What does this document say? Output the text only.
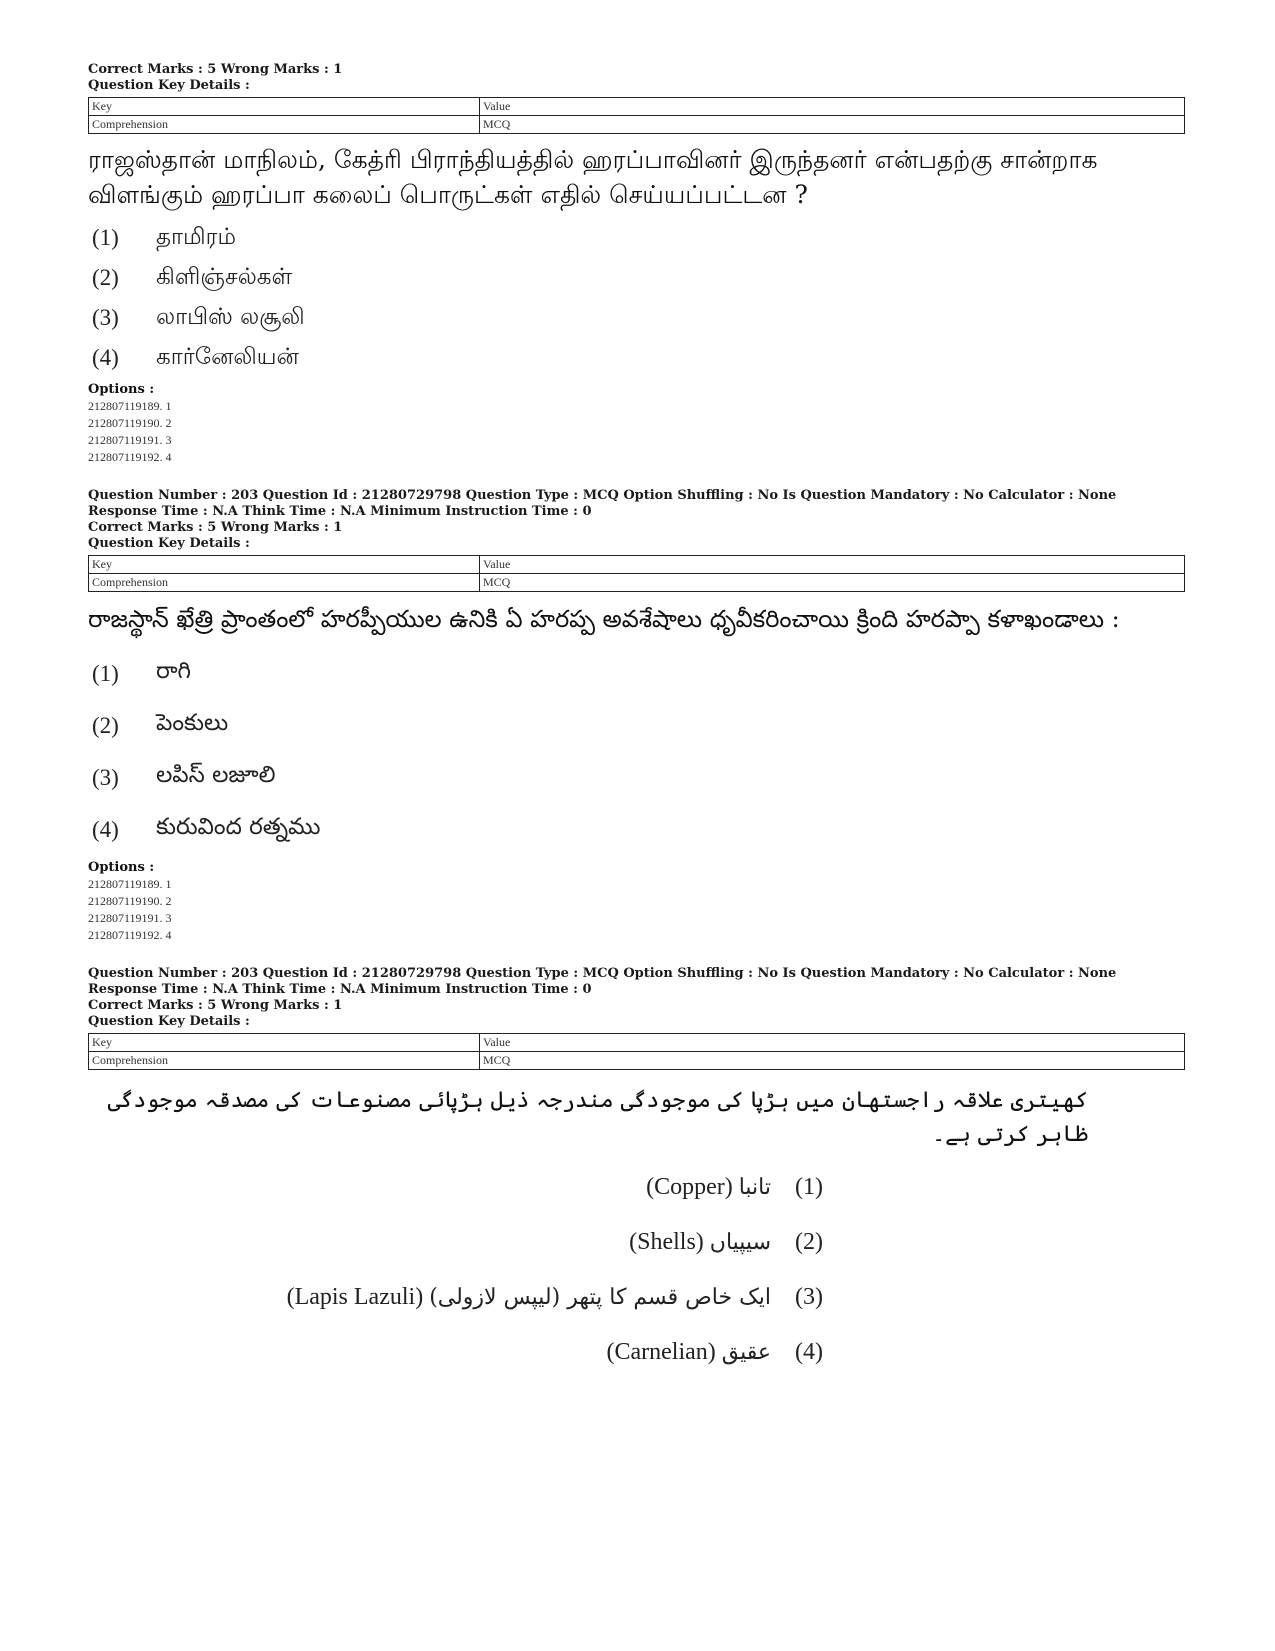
Correct Marks : 5 Wrong Marks : 1
Question Key Details :
Key	Value
Comprehension	MCQ
ராஜஸ்தான் மாநிலம், கேத்ரி பிராந்தியத்தில் ஹரப்பாவினர் இருந்தனர் என்பதற்கு சான்றாக விளங்கும் ஹரப்பா கலைப் பொருட்கள் எதில் செய்யப்பட்டன ?
(1)	தாமிரம்
(2)	கிளிஞ்சல்கள்
(3)	லாபிஸ் லசூலி
(4)	கார்னேலியன்
Options :
212807119189. 1
212807119190. 2
212807119191. 3
212807119192. 4
Question Number : 203 Question Id : 21280729798 Question Type : MCQ Option Shuffling : No Is Question Mandatory : No Calculator : None
Response Time : N.A Think Time : N.A Minimum Instruction Time : 0
Correct Marks : 5 Wrong Marks : 1
Question Key Details :
Key	Value
Comprehension	MCQ
రాజస్థాన్ ఖేత్రి ప్రాంతంలో హరప్పీయుల ఉనికి ఏ హరప్ప అవశేషాలు ధృవీకరించాయి క్రింది హరప్పా కళాఖండాలు :
(1)	రాగి
(2)	పెంకులు
(3)	లపిస్ లజూలి
(4)	కురువింద రత్నము
Options :
212807119189. 1
212807119190. 2
212807119191. 3
212807119192. 4
Question Number : 203 Question Id : 21280729798 Question Type : MCQ Option Shuffling : No Is Question Mandatory : No Calculator : None
Response Time : N.A Think Time : N.A Minimum Instruction Time : 0
Correct Marks : 5 Wrong Marks : 1
Question Key Details :
Key	Value
Comprehension	MCQ
کھیتری علاقہ راجستھان میں ہڑپا کی موجودگی مندرجہ ذیل ہڑپائی مصنوعات کی مصدقہ موجودگی ظاہر کرتی ہے۔
(Copper) تانبا (1)
(Shells) سیپیاں (2)
(Lapis Lazuli) ایک خاص قسم کا پتھر (لیپس لازولی) (3)
(Carnelian) عقیق (4)
